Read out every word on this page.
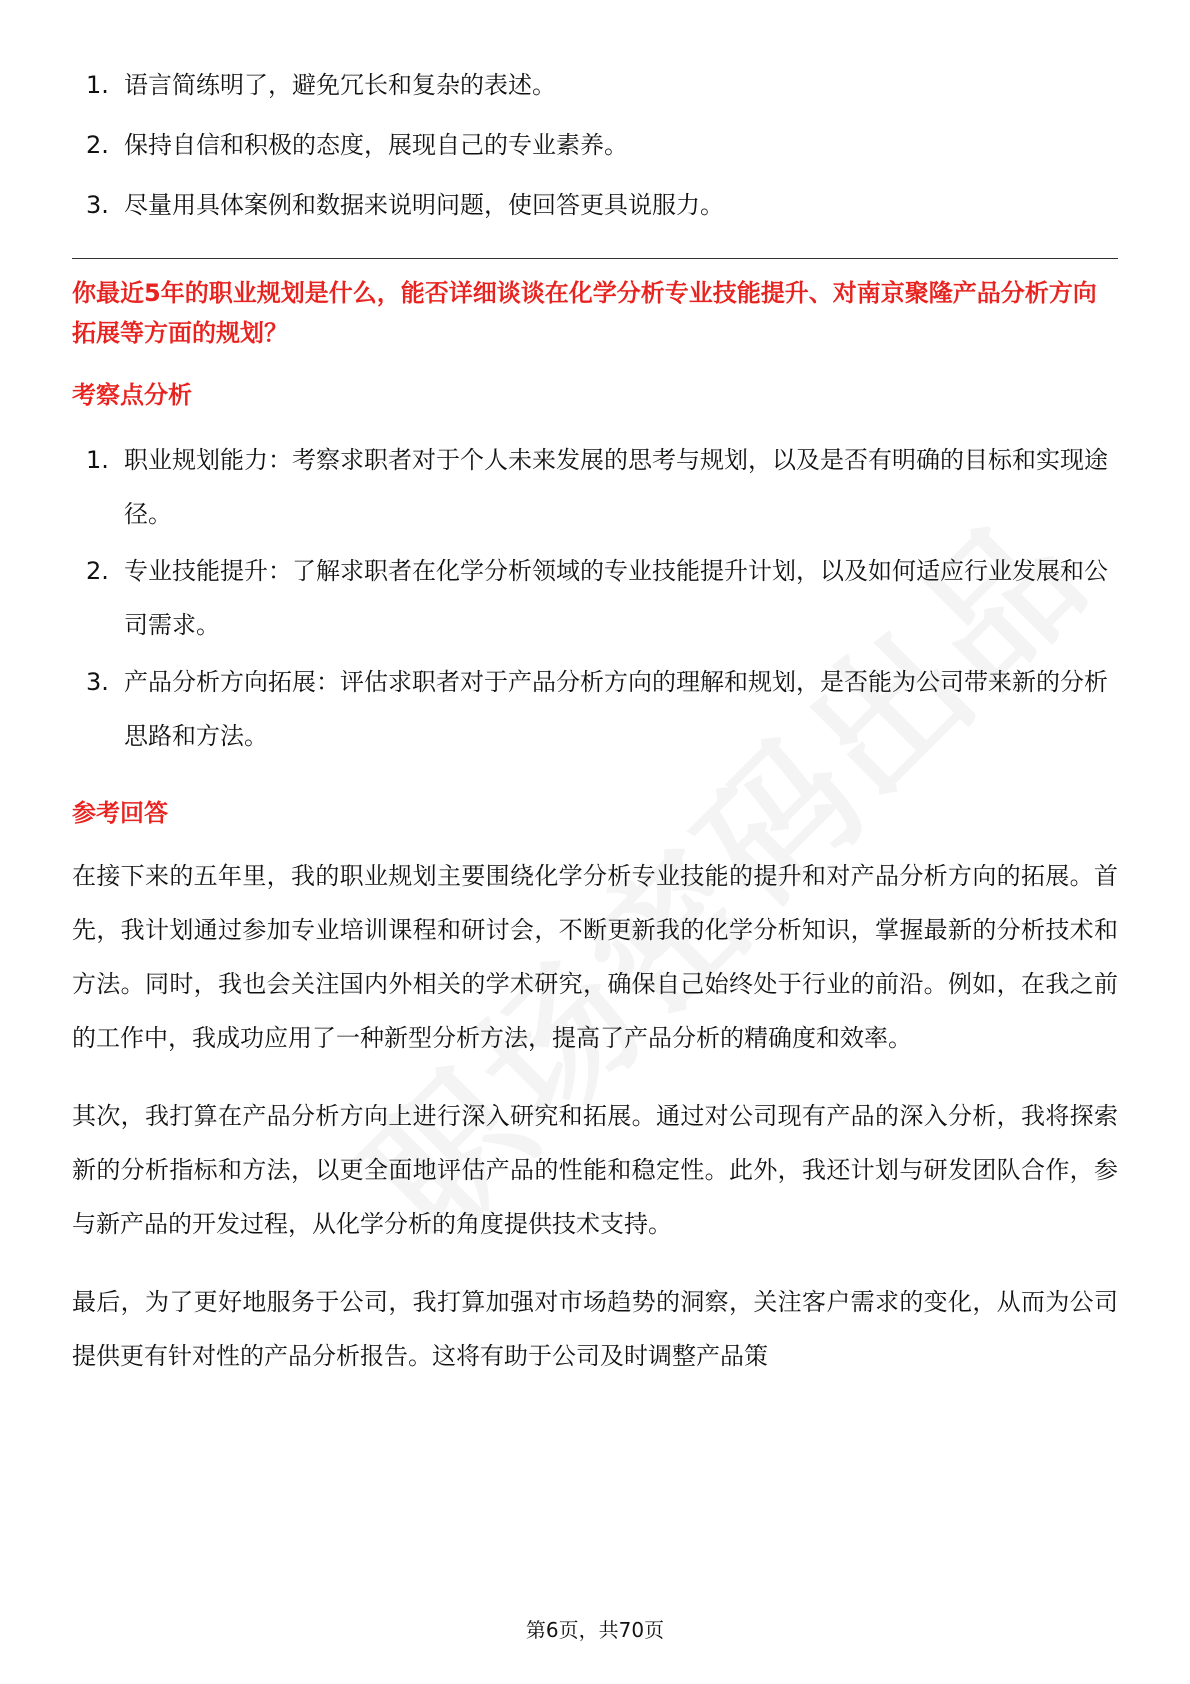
1. 语言简练明了，避免冗长和复杂的表述。
2. 保持自信和积极的态度，展现自己的专业素养。
3. 尽量用具体案例和数据来说明问题，使回答更具说服力。

你最近5年的职业规划是什么，能否详细谈谈在化学分析专业技能提升、对南京聚隆产品分析方向拓展等方面的规划？

考察点分析
1. 职业规划能力：考察求职者对于个人未来发展的思考与规划，以及是否有明确的目标和实现途径。
2. 专业技能提升：了解求职者在化学分析领域的专业技能提升计划，以及如何适应行业发展和公司需求。
3. 产品分析方向拓展：评估求职者对于产品分析方向的理解和规划，是否能为公司带来新的分析思路和方法。
参考回答

在接下来的五年里，我的职业规划主要围绕化学分析专业技能的提升和对产品分析方向的拓展。首先，我计划通过参加专业培训课程和研讨会，不断更新我的化学分析知识，掌握最新的分析技术和方法。同时，我也会关注国内外相关的学术研究，确保自己始终处于行业的前沿。例如，在我之前的工作中，我成功应用了一种新型分析方法，提高了产品分析的精确度和效率。

其次，我打算在产品分析方向上进行深入研究和拓展。通过对公司现有产品的深入分析，我将探索新的分析指标和方法，以更全面地评估产品的性能和稳定性。此外，我还计划与研发团队合作，参与新产品的开发过程，从化学分析的角度提供技术支持。

最后，为了更好地服务于公司，我打算加强对市场趋势的洞察，关注客户需求的变化，从而为公司提供更有针对性的产品分析报告。这将有助于公司及时调整产品策

第6页，共70页
